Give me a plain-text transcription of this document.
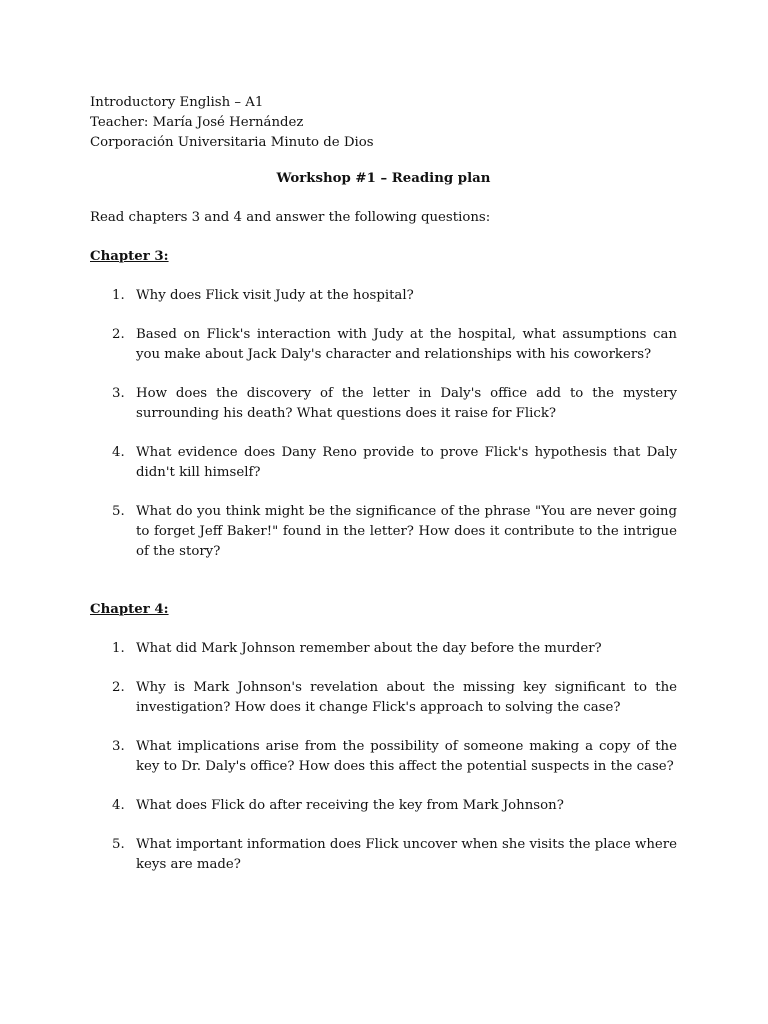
Introductory English – A1
Teacher: María José Hernández
Corporación Universitaria Minuto de Dios
Workshop #1 – Reading plan
Read chapters 3 and 4 and answer the following questions:
Chapter 3:
1. Why does Flick visit Judy at the hospital?
2. Based on Flick's interaction with Judy at the hospital, what assumptions can you make about Jack Daly's character and relationships with his coworkers?
3. How does the discovery of the letter in Daly's office add to the mystery surrounding his death? What questions does it raise for Flick?
4. What evidence does Dany Reno provide to prove Flick's hypothesis that Daly didn't kill himself?
5. What do you think might be the significance of the phrase "You are never going to forget Jeff Baker!" found in the letter? How does it contribute to the intrigue of the story?
Chapter 4:
1. What did Mark Johnson remember about the day before the murder?
2. Why is Mark Johnson's revelation about the missing key significant to the investigation? How does it change Flick's approach to solving the case?
3. What implications arise from the possibility of someone making a copy of the key to Dr. Daly's office? How does this affect the potential suspects in the case?
4. What does Flick do after receiving the key from Mark Johnson?
5. What important information does Flick uncover when she visits the place where keys are made?
